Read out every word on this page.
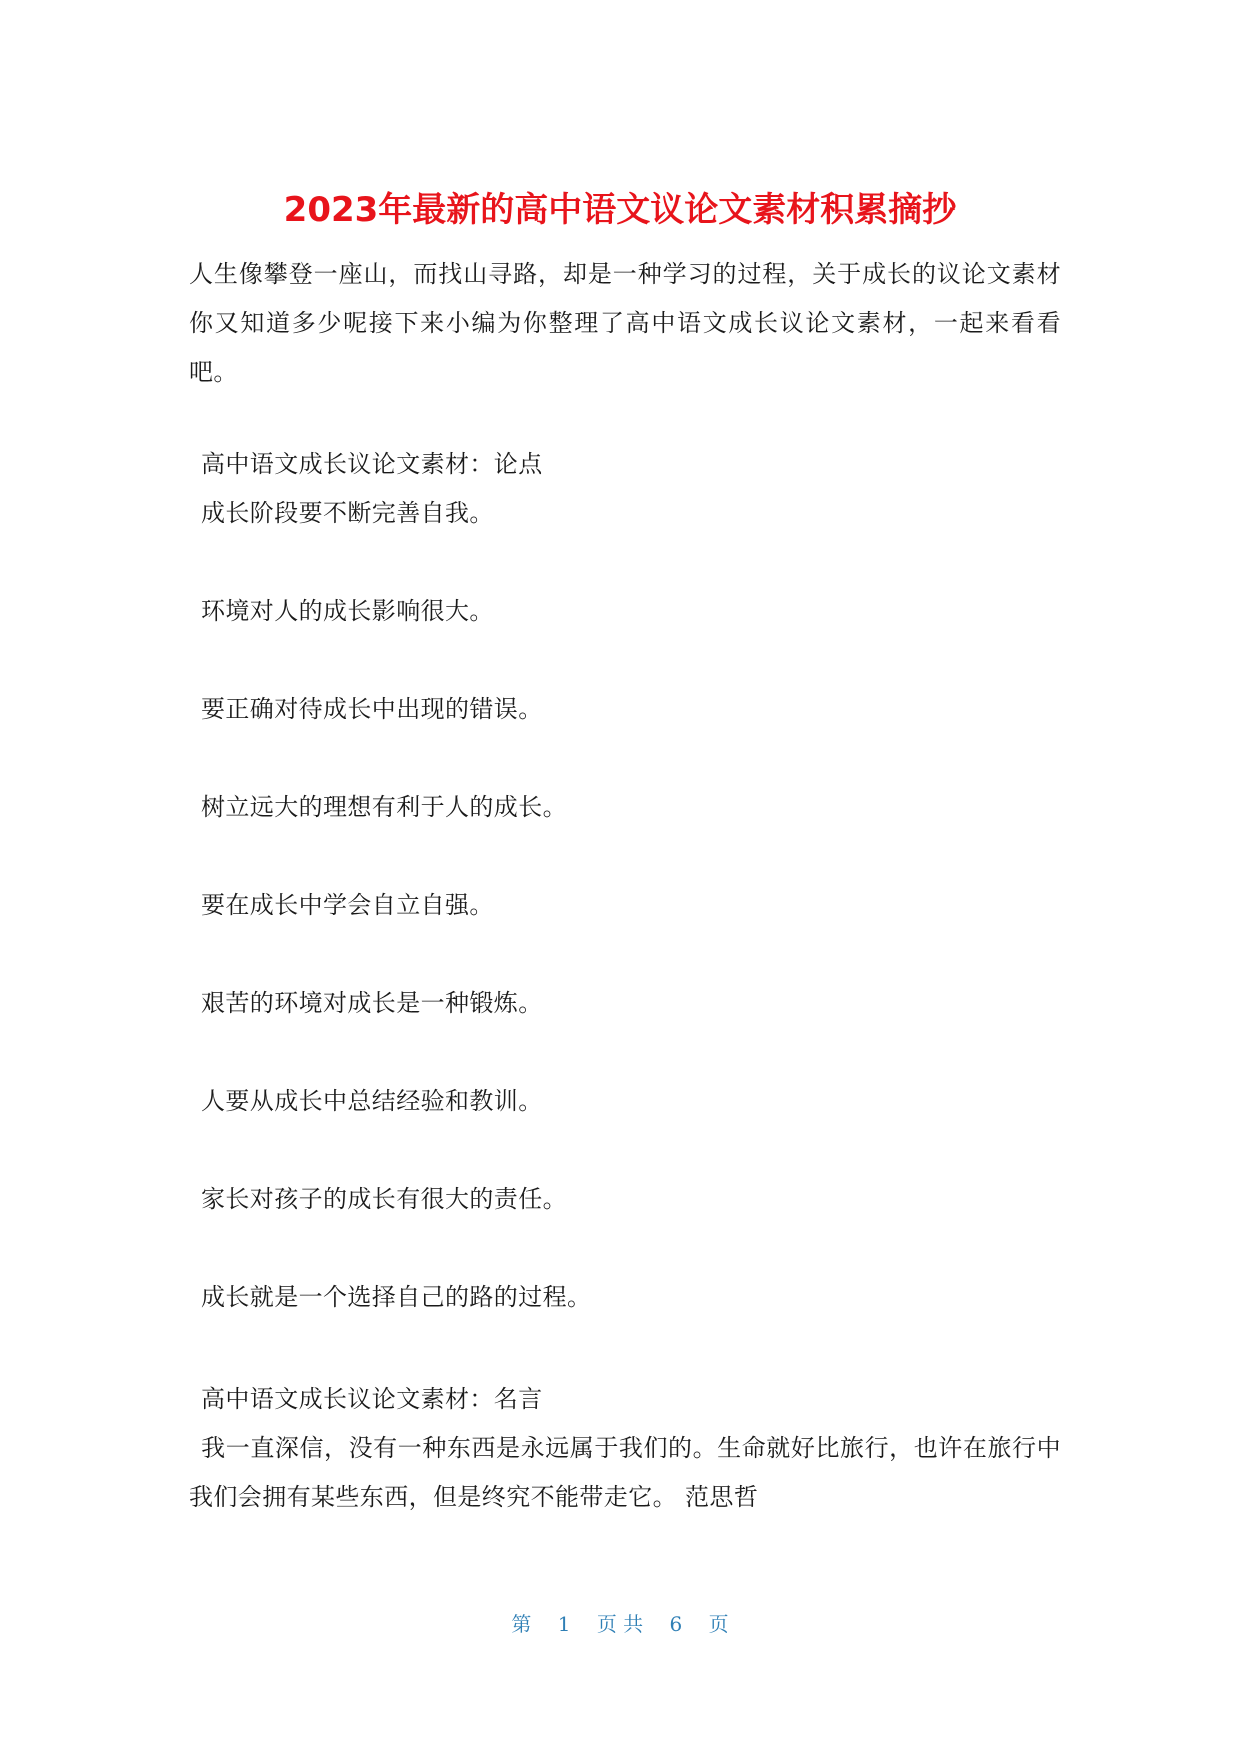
2023年最新的高中语文议论文素材积累摘抄

人生像攀登一座山，而找山寻路，却是一种学习的过程，关于成长的议论文素材你又知道多少呢接下来小编为你整理了高中语文成长议论文素材，一起来看看吧。

高中语文成长议论文素材：论点
成长阶段要不断完善自我。
环境对人的成长影响很大。
要正确对待成长中出现的错误。
树立远大的理想有利于人的成长。
要在成长中学会自立自强。
艰苦的环境对成长是一种锻炼。
人要从成长中总结经验和教训。
家长对孩子的成长有很大的责任。
成长就是一个选择自己的路的过程。
高中语文成长议论文素材：名言

我一直深信，没有一种东西是永远属于我们的。生命就好比旅行，也许在旅行中我们会拥有某些东西，但是终究不能带走它。 范思哲

第 1 页 共 6 页
